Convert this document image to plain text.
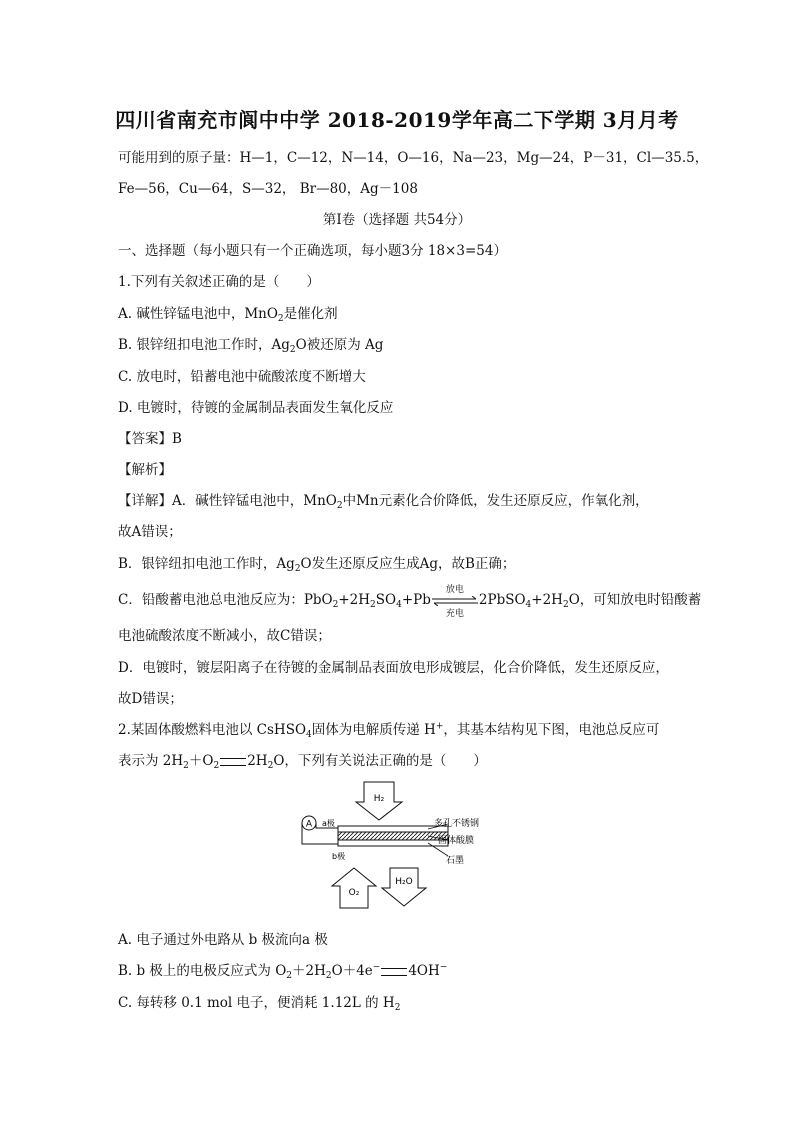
四川省南充市阆中中学 2018-2019学年高二下学期 3月月考
可能用到的原子量：H—1，C—12，N—14，O—16，Na—23，Mg—24，P－31，Cl—35.5，
Fe—56，Cu—64，S—32， Br—80，Ag－108
第Ⅰ卷（选择题 共54分）
一、选择题（每小题只有一个正确选项，每小题3分 18×3=54）
1.下列有关叙述正确的是（　　）
A. 碱性锌锰电池中，MnO$_2$是催化剂
B. 银锌纽扣电池工作时，$Ag_2O$被还原为 Ag
C. 放电时，铅蓄电池中硫酸浓度不断增大
D. 电镀时，待镀的金属制品表面发生氧化反应
【答案】B
【解析】
【详解】A．碱性锌锰电池中，MnO$_2$中Mn元素化合价降低，发生还原反应，作氧化剂，
故A错误；
B．银锌纽扣电池工作时，$Ag_2O$发生还原反应生成Ag，故B正确；
C．铅酸蓄电池总电池反应为：$PbO_2+2H_2SO_4+Pb$
放电
充电
$2PbSO_4+2H_2O$，可知放电时铅酸蓄
电池硫酸浓度不断减小，故C错误；
D．电镀时，镀层阳离子在待镀的金属制品表面放电形成镀层，化合价降低，发生还原反应，
故D错误；
2.某固体酸燃料电池以 CsHSO$_4$固体为电解质传递 H+，其基本结构见下图，电池总反应可
表示为 $2H_2+O_2$ $2H_2O$，下列有关说法正确的是（　　）
H₂
A a极
b极
多孔不锈钢
固体酸膜
石墨
O₂
H₂O
A. 电子通过外电路从 b 极流向a 极
B. b 极上的电极反应式为 $O_2+2H_2O+4e^-$ 4OH−
C. 每转移 0.1 mol 电子，便消耗 1.12L 的 $H_2$
